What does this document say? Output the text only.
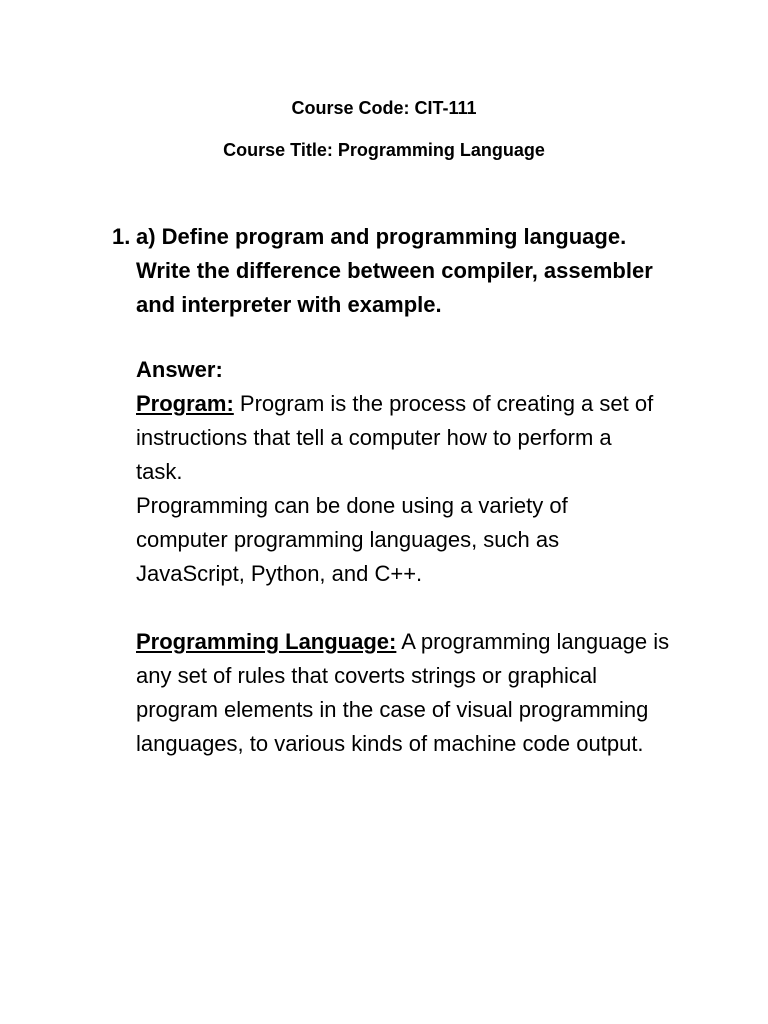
Course Code: CIT-111
Course Title: Programming Language
1. a) Define program and programming language.
Write the difference between compiler, assembler
and interpreter with example.
Answer:
Program: Program is the process of creating a set of
instructions that tell a computer how to perform a
task.
Programming can be done using a variety of
computer programming languages, such as
JavaScript, Python, and C++.
Programming Language: A programming language is
any set of rules that coverts strings or graphical
program elements in the case of visual programming
languages, to various kinds of machine code output.
